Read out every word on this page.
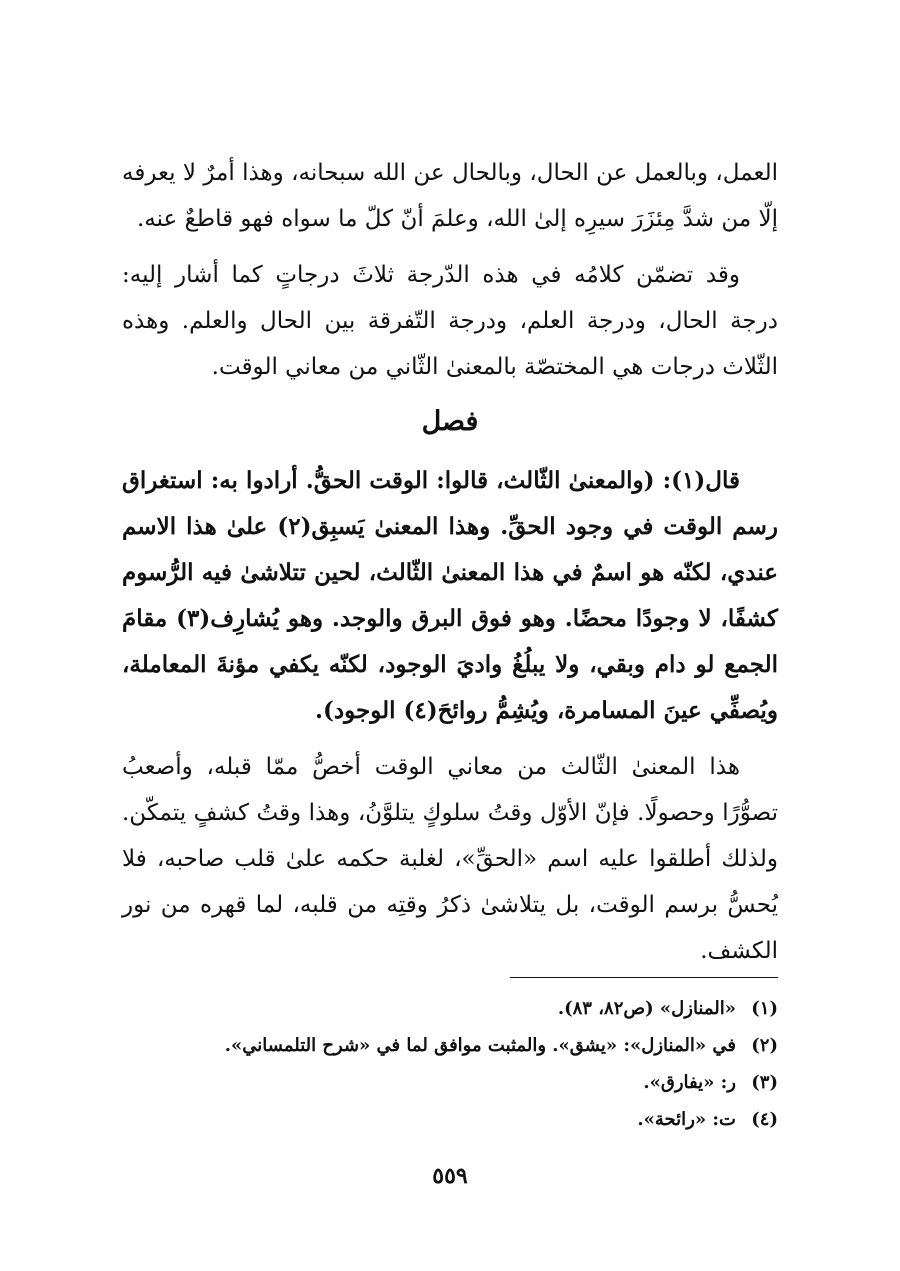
العمل، وبالعمل عن الحال، وبالحال عن الله سبحانه، وهذا أمرٌ لا يعرفه إلّا من شدَّ مِئزَرَ سيرِه إلىٰ الله، وعلمَ أنّ كلّ ما سواه فهو قاطعٌ عنه.

وقد تضمّن كلامُه في هذه الدّرجة ثلاثَ درجاتٍ كما أشار إليه: درجة الحال، ودرجة العلم، ودرجة التّفرقة بين الحال والعلم. وهذه الثّلاث درجات هي المختصّة بالمعنىٰ الثّاني من معاني الوقت.

فصل

قال(١): (والمعنىٰ الثّالث، قالوا: الوقت الحقُّ. أرادوا به: استغراق رسم الوقت في وجود الحقِّ. وهذا المعنىٰ يَسبِق(٢) علىٰ هذا الاسم عندي، لكنّه هو اسمٌ في هذا المعنىٰ الثّالث، لحين تتلاشىٰ فيه الرُّسوم كشفًا، لا وجودًا محضًا. وهو فوق البرق والوجد. وهو يُشارِف(٣) مقامَ الجمع لو دام وبقي، ولا يبلُغُ واديَ الوجود، لكنّه يكفي مؤنةَ المعاملة، ويُصفِّي عينَ المسامرة، ويُشِمُّ روائحَ(٤) الوجود).

هذا المعنىٰ الثّالث من معاني الوقت أخصُّ ممّا قبله، وأصعبُ تصوُّرًا وحصولًا. فإنّ الأوّل وقتُ سلوكٍ يتلوَّنُ، وهذا وقتُ كشفٍ يتمكّن. ولذلك أطلقوا عليه اسم «الحقِّ»، لغلبة حكمه علىٰ قلب صاحبه، فلا يُحسُّ برسم الوقت، بل يتلاشىٰ ذكرُ وقتِه من قلبه، لما قهره من نور الكشف.

(١)«المنازل» (ص٨٢، ٨٣).
(٢)في «المنازل»: «يشق». والمثبت موافق لما في «شرح التلمساني».
(٣)ر: «يفارق».
(٤)ت: «رائحة».
٥٥٩
